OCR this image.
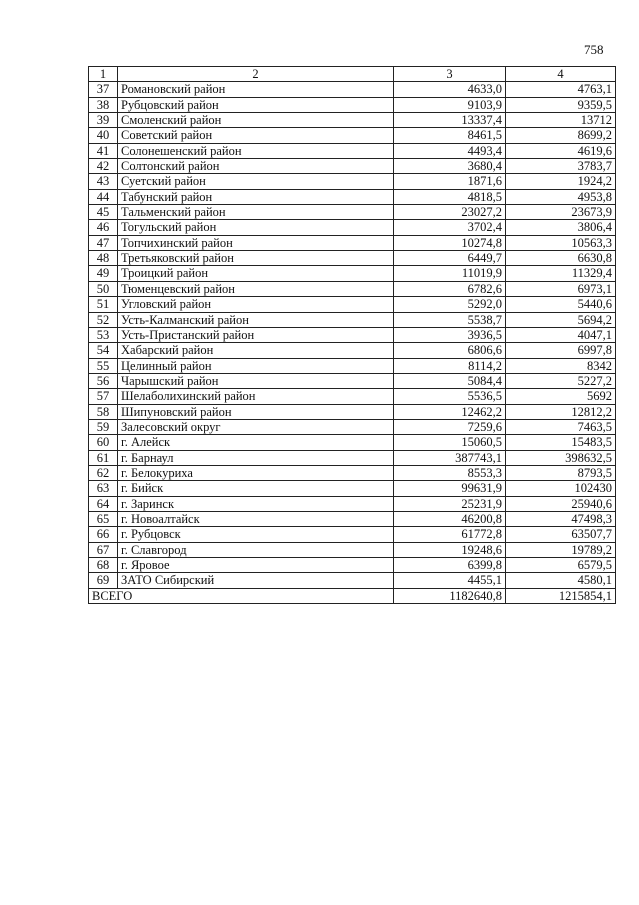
758
1	2	3	4
37	Романовский район	4633,0	4763,1
38	Рубцовский район	9103,9	9359,5
39	Смоленский район	13337,4	13712
40	Советский район	8461,5	8699,2
41	Солонешенский район	4493,4	4619,6
42	Солтонский район	3680,4	3783,7
43	Суетский район	1871,6	1924,2
44	Табунский район	4818,5	4953,8
45	Тальменский район	23027,2	23673,9
46	Тогульский район	3702,4	3806,4
47	Топчихинский район	10274,8	10563,3
48	Третьяковский район	6449,7	6630,8
49	Троицкий район	11019,9	11329,4
50	Тюменцевский район	6782,6	6973,1
51	Угловский район	5292,0	5440,6
52	Усть-Калманский район	5538,7	5694,2
53	Усть-Пристанский район	3936,5	4047,1
54	Хабарский район	6806,6	6997,8
55	Целинный район	8114,2	8342
56	Чарышский район	5084,4	5227,2
57	Шелаболихинский район	5536,5	5692
58	Шипуновский район	12462,2	12812,2
59	Залесовский округ	7259,6	7463,5
60	г. Алейск	15060,5	15483,5
61	г. Барнаул	387743,1	398632,5
62	г. Белокуриха	8553,3	8793,5
63	г. Бийск	99631,9	102430
64	г. Заринск	25231,9	25940,6
65	г. Новоалтайск	46200,8	47498,3
66	г. Рубцовск	61772,8	63507,7
67	г. Славгород	19248,6	19789,2
68	г. Яровое	6399,8	6579,5
69	ЗАТО Сибирский	4455,1	4580,1
ВСЕГО		1182640,8	1215854,1
